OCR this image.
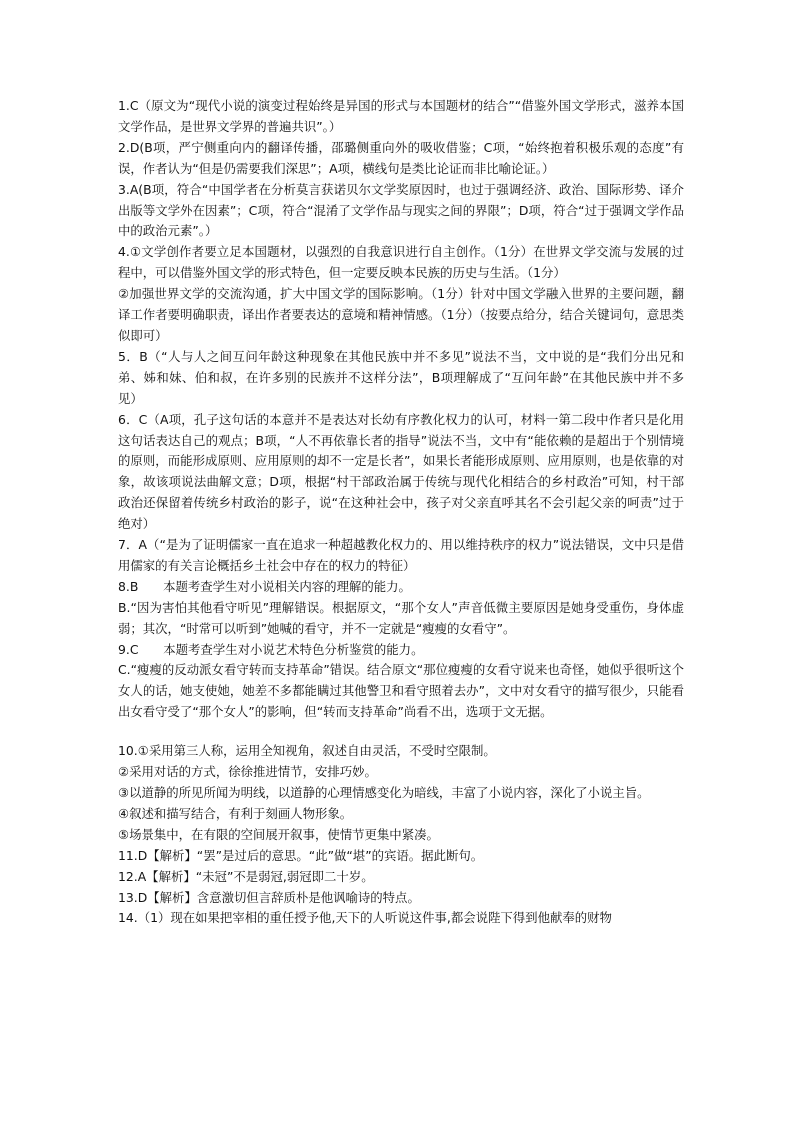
1.C（原文为“现代小说的演变过程始终是异国的形式与本国题材的结合”“借鉴外国文学形式，滋养本国文学作品，是世界文学界的普遍共识”。）

2.D(B项，严宁侧重向内的翻译传播，邵璐侧重向外的吸收借鉴；C项，“始终抱着积极乐观的态度”有误，作者认为“但是仍需要我们深思”；A项，横线句是类比论证而非比喻论证。）

3.A(B项，符合“中国学者在分析莫言获诺贝尔文学奖原因时，也过于强调经济、政治、国际形势、译介出版等文学外在因素”；C项，符合“混淆了文学作品与现实之间的界限”；D项，符合“过于强调文学作品中的政治元素”。）

4.①文学创作者要立足本国题材，以强烈的自我意识进行自主创作。（1分）在世界文学交流与发展的过程中，可以借鉴外国文学的形式特色，但一定要反映本民族的历史与生活。（1分）

②加强世界文学的交流沟通，扩大中国文学的国际影响。（1分）针对中国文学融入世界的主要问题，翻译工作者要明确职责，译出作者要表达的意境和精神情感。（1分）（按要点给分，结合关键词句，意思类似即可）

5．B（“人与人之间互问年龄这种现象在其他民族中并不多见”说法不当，文中说的是“我们分出兄和弟、姊和妹、伯和叔，在许多别的民族并不这样分法”，B项理解成了“互问年龄”在其他民族中并不多见）

6．C（A项，孔子这句话的本意并不是表达对长幼有序教化权力的认可，材料一第二段中作者只是化用这句话表达自己的观点；B项，“人不再依靠长者的指导”说法不当，文中有“能依赖的是超出于个别情境的原则，而能形成原则、应用原则的却不一定是长者”，如果长者能形成原则、应用原则，也是依靠的对象，故该项说法曲解文意；D项，根据“村干部政治属于传统与现代化相结合的乡村政治”可知，村干部政治还保留着传统乡村政治的影子，说“在这种社会中，孩子对父亲直呼其名不会引起父亲的呵责”过于绝对）

7．A（“是为了证明儒家一直在追求一种超越教化权力的、用以维持秩序的权力”说法错误，文中只是借用儒家的有关言论概括乡土社会中存在的权力的特征）

8.B　　本题考查学生对小说相关内容的理解的能力。

B.“因为害怕其他看守听见”理解错误。根据原文，“那个女人”声音低微主要原因是她身受重伤，身体虚弱；其次，“时常可以听到”她喊的看守，并不一定就是“瘦瘦的女看守”。

9.C　　本题考查学生对小说艺术特色分析鉴赏的能力。

C.“瘦瘦的反动派女看守转而支持革命”错误。结合原文“那位瘦瘦的女看守说来也奇怪，她似乎很听这个女人的话，她支使她，她差不多都能瞒过其他警卫和看守照着去办”，文中对女看守的描写很少，只能看出女看守受了“那个女人”的影响，但“转而支持革命”尚看不出，选项于文无据。

10.①采用第三人称，运用全知视角，叙述自由灵活，不受时空限制。

②采用对话的方式，徐徐推进情节，安排巧妙。

③以道静的所见所闻为明线，以道静的心理情感变化为暗线，丰富了小说内容，深化了小说主旨。

④叙述和描写结合，有利于刻画人物形象。

⑤场景集中，在有限的空间展开叙事，使情节更集中紧凑。

11.D【解析】“罢”是过后的意思。“此”做“堪”的宾语。据此断句。

12.A【解析】“未冠”不是弱冠,弱冠即二十岁。

13.D【解析】含意激切但言辞质朴是他讽喻诗的特点。

14.（1）现在如果把宰相的重任授予他,天下的人听说这件事,都会说陛下得到他献奉的财物
